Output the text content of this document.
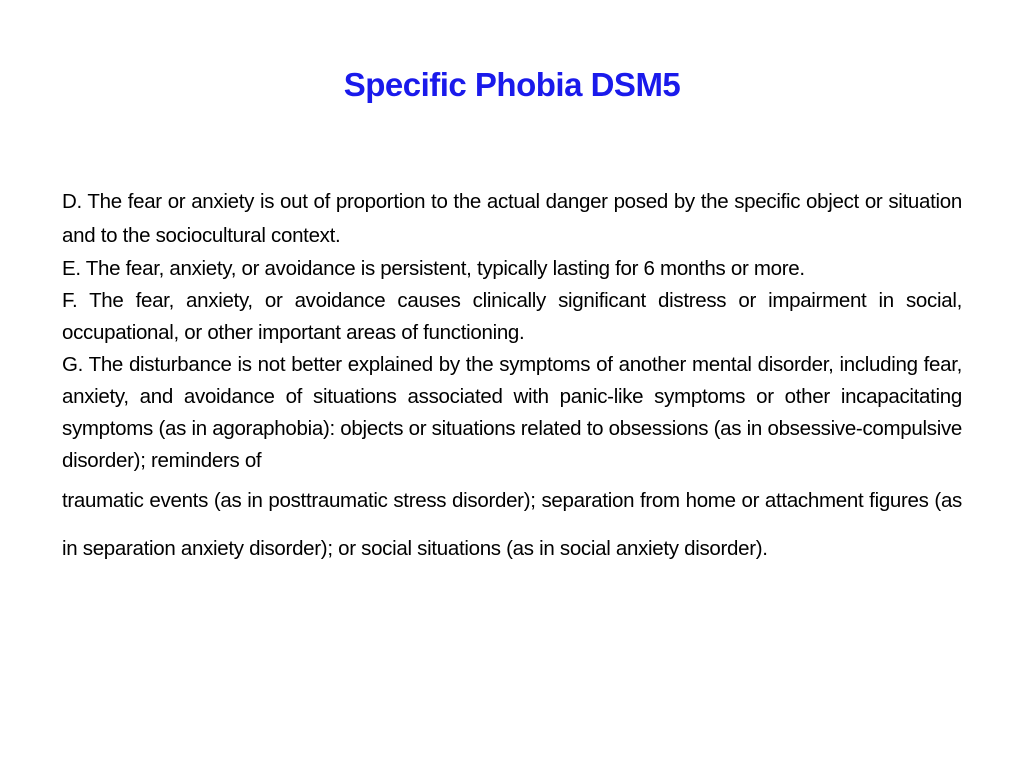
Specific Phobia DSM5

D. The fear or anxiety is out of proportion to the actual danger posed by the specific object or situation and to the sociocultural context.

E. The fear, anxiety, or avoidance is persistent, typically lasting for 6 months or more.

F. The fear, anxiety, or avoidance causes clinically significant distress or impairment in social, occupational, or other important areas of functioning.

G. The disturbance is not better explained by the symptoms of another mental disorder, including fear, anxiety, and avoidance of situations associated with panic-like symptoms or other incapacitating symptoms (as in agoraphobia): objects or situations related to obsessions (as in obsessive-compulsive disorder); reminders of

traumatic events (as in posttraumatic stress disorder); separation from home or attachment figures (as in separation anxiety disorder); or social situations (as in social anxiety disorder).
